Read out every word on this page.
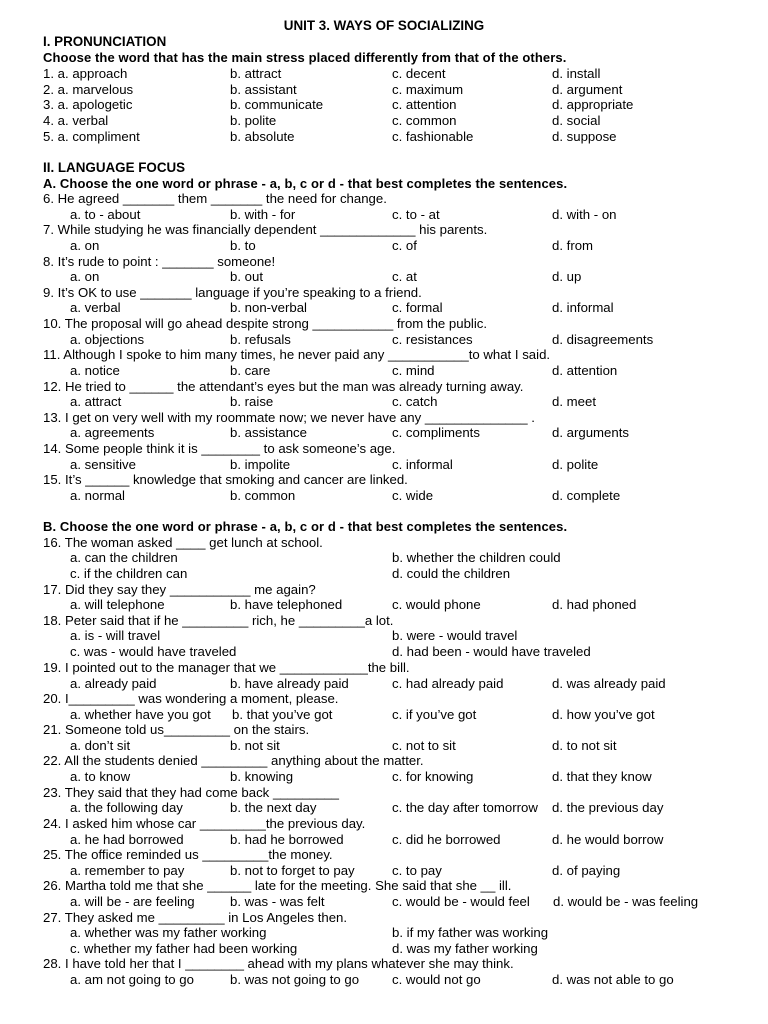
UNIT 3. WAYS OF SOCIALIZING
I. PRONUNCIATION
Choose the word that has the main stress placed differently from that of the others.
1. a. approach	b. attract	c. decent	d. install
2. a. marvelous	b. assistant	c. maximum	d. argument
3. a. apologetic	b. communicate	c. attention	d. appropriate
4. a. verbal	b. polite	c. common	d. social
5. a. compliment	b. absolute	c. fashionable	d. suppose
II. LANGUAGE FOCUS
A. Choose the one word or phrase - a, b, c or d - that best completes the sentences.
6. He agreed _______ them _______ the need for change.
a. to - about	b. with - for	c. to - at	d. with - on
7. While studying he was financially dependent _____________ his parents.
a. on	b. to	c. of	d. from
8. It’s rude to point : _______ someone!
a. on	b. out	c. at	d. up
9. It’s OK to use _______ language if you’re speaking to a friend.
a. verbal	b. non-verbal	c. formal	d. informal
10. The proposal will go ahead despite strong ___________ from the public.
a. objections	b. refusals	c. resistances	d. disagreements
11. Although I spoke to him many times, he never paid any ___________to what I said.
a. notice	b. care	c. mind	d. attention
12. He tried to ______ the attendant’s eyes but the man was already turning away.
a. attract	b. raise	c. catch	d. meet
13. I get on very well with my roommate now; we never have any ______________ .
a. agreements	b. assistance	c. compliments	d. arguments
14. Some people think it is ________ to ask someone’s age.
a. sensitive	b. impolite	c. informal	d. polite
15. It’s ______ knowledge that smoking and cancer are linked.
a. normal	b. common	c. wide	d. complete
B. Choose the one word or phrase - a, b, c or d - that best completes the sentences.
16. The woman asked ____ get lunch at school.
a. can the children	b. whether the children could
c. if the children can	d. could the children
17. Did they say they ___________ me again?
a. will telephone	b. have telephoned	c. would phone	d. had phoned
18. Peter said that if he _________ rich, he _________a lot.
a. is - will travel	b. were - would travel
c. was - would have traveled	d. had been - would have traveled
19. I pointed out to the manager that we ____________the bill.
a. already paid	b. have already paid	c. had already paid	d. was already paid
20. I_________ was wondering a moment, please.
a. whether have you got b. that you’ve got	c. if you’ve got	d. how you’ve got
21. Someone told us_________ on the stairs.
a. don’t sit	b. not sit	c. not to sit	d. to not sit
22. All the students denied _________ anything about the matter.
a. to know	b. knowing	c. for knowing	d. that they know
23. They said that they had come back _________
a. the following day	b. the next day	c. the day after tomorrow d. the previous day
24. I asked him whose car _________the previous day.
a. he had borrowed	b. had he borrowed	c. did he borrowed	d. he would borrow
25. The office reminded us _________the money.
a. remember to pay	b. not to forget to pay	c. to pay	d. of paying
26. Martha told me that she ______ late for the meeting. She said that she __ ill.
a. will be - are feeling	b. was - was felt	c. would be - would feel d. would be - was feeling
27. They asked me _________ in Los Angeles then.
a. whether was my father working	b. if my father was working
c. whether my father had been working	d. was my father working
28. I have told her that I ________ ahead with my plans whatever she may think.
a. am not going to go	b. was not going to go c. would not go	d. was not able to go
